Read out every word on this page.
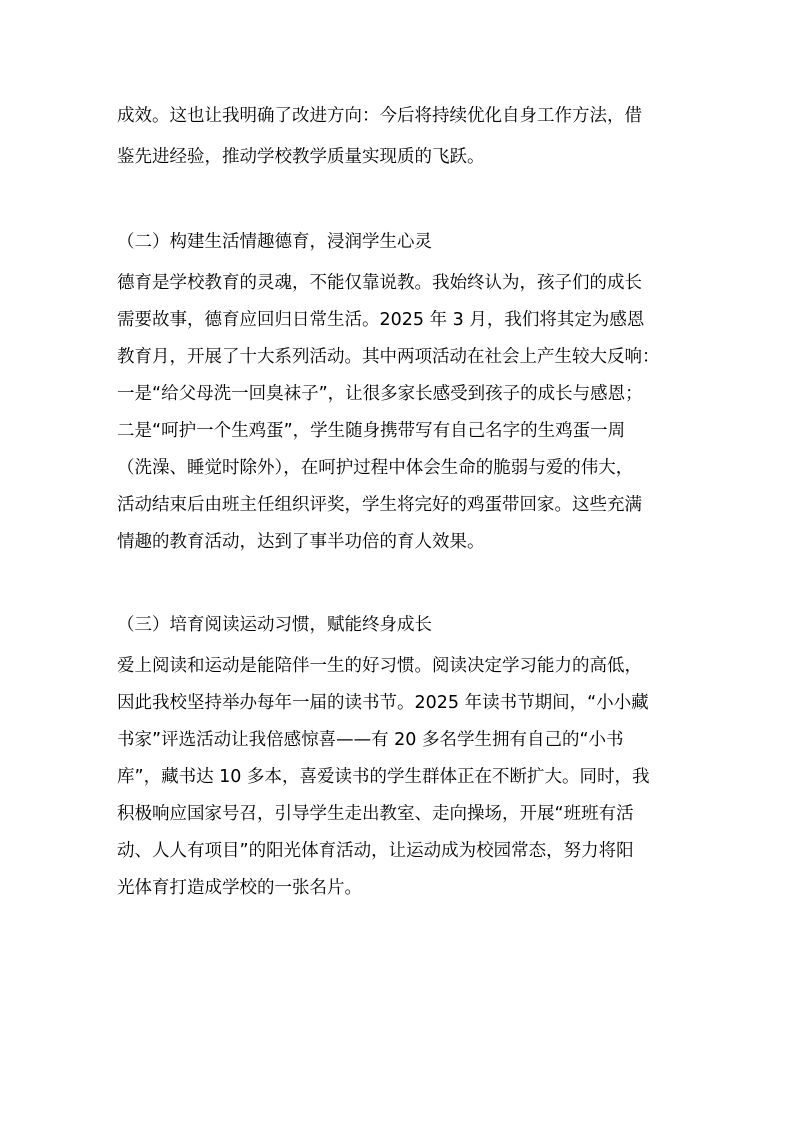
成效。这也让我明确了改进方向：今后将持续优化自身工作方法，借
鉴先进经验，推动学校教学质量实现质的飞跃。
（二）构建生活情趣德育，浸润学生心灵
德育是学校教育的灵魂，不能仅靠说教。我始终认为，孩子们的成长
需要故事，德育应回归日常生活。2025 年 3 月，我们将其定为感恩
教育月，开展了十大系列活动。其中两项活动在社会上产生较大反响：
一是“给父母洗一回臭袜子”，让很多家长感受到孩子的成长与感恩；
二是“呵护一个生鸡蛋”，学生随身携带写有自己名字的生鸡蛋一周
（洗澡、睡觉时除外），在呵护过程中体会生命的脆弱与爱的伟大，
活动结束后由班主任组织评奖，学生将完好的鸡蛋带回家。这些充满
情趣的教育活动，达到了事半功倍的育人效果。
（三）培育阅读运动习惯，赋能终身成长
爱上阅读和运动是能陪伴一生的好习惯。阅读决定学习能力的高低，
因此我校坚持举办每年一届的读书节。2025 年读书节期间，“小小藏
书家”评选活动让我倍感惊喜——有 20 多名学生拥有自己的“小书
库”，藏书达 10 多本，喜爱读书的学生群体正在不断扩大。同时，我
积极响应国家号召，引导学生走出教室、走向操场，开展“班班有活
动、人人有项目”的阳光体育活动，让运动成为校园常态，努力将阳
光体育打造成学校的一张名片。
